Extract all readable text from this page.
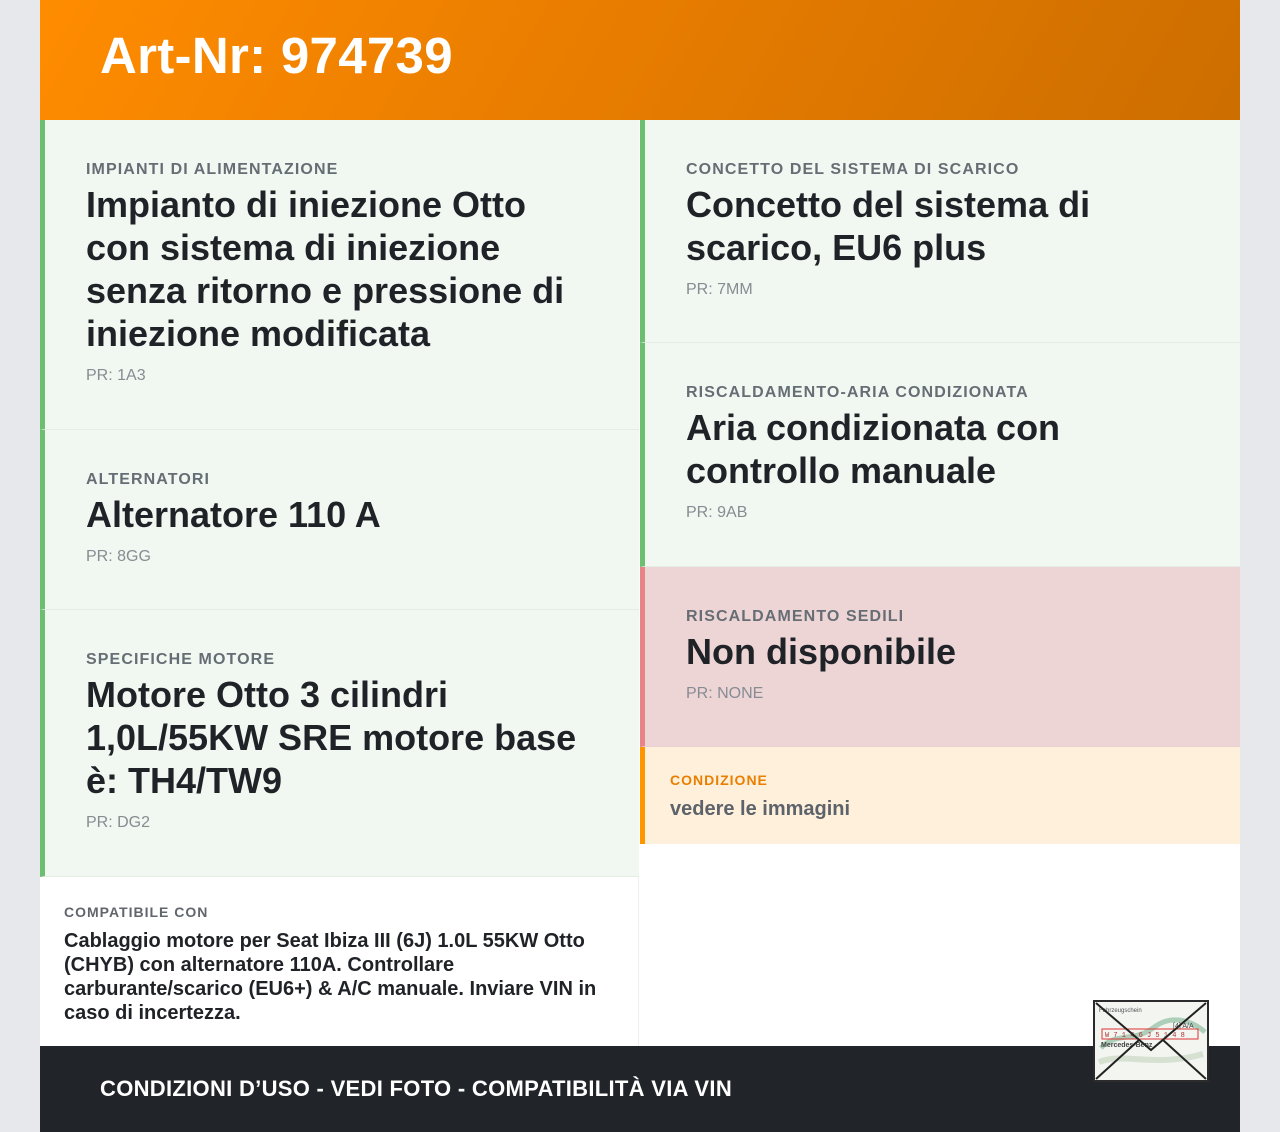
Art-Nr: 974739
IMPIANTI DI ALIMENTAZIONE
Impianto di iniezione Otto con sistema di iniezione senza ritorno e pressione di iniezione modificata
PR: 1A3
ALTERNATORI
Alternatore 110 A
PR: 8GG
SPECIFICHE MOTORE
Motore Otto 3 cilindri 1,0L/55KW SRE motore base è: TH4/TW9
PR: DG2
CONCETTO DEL SISTEMA DI SCARICO
Concetto del sistema di scarico, EU6 plus
PR: 7MM
RISCALDAMENTO-ARIA CONDIZIONATA
Aria condizionata con controllo manuale
PR: 9AB
RISCALDAMENTO SEDILI
Non disponibile
PR: NONE
CONDIZIONE
vedere le immagini
COMPATIBILE CON
Cablaggio motore per Seat Ibiza III (6J) 1.0L 55KW Otto (CHYB) con alternatore 110A. Controllare carburante/scarico (EU6+) & A/C manuale. Inviare VIN in caso di incertezza.
CONDIZIONI D’USO - VEDI FOTO - COMPATIBILITÀ VIA VIN
Fahrzeugschein
[4] A/A
W 7 1 4 6 J 5 1 4 8
Mercedes-Benz
